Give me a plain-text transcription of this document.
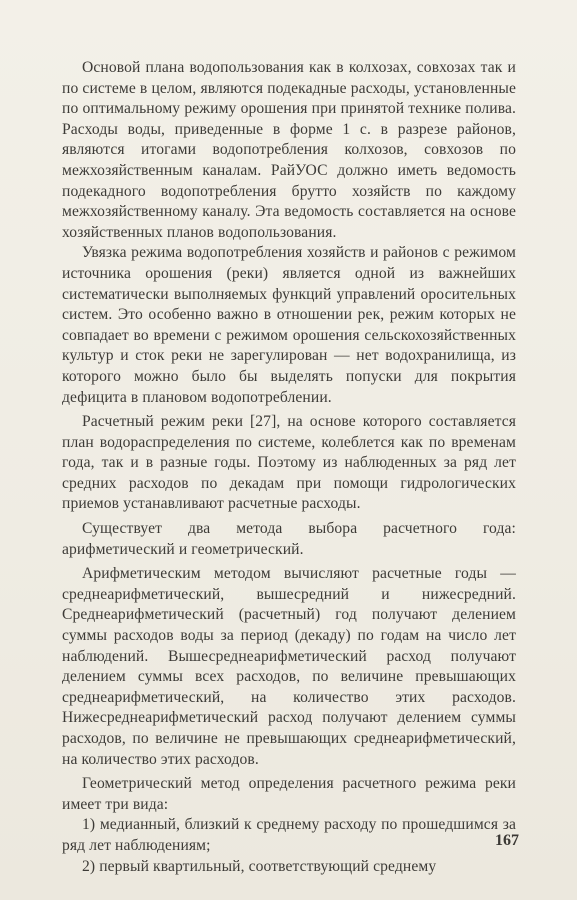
Основой плана водопользования как в колхозах, совхозах так и по системе в целом, являются подекадные расходы, установленные по оптимальному режиму орошения при принятой технике полива. Расходы воды, приведенные в форме 1 с. в разрезе районов, являются итогами водопотребления колхозов, совхозов по межхозяйственным каналам. РайУОС должно иметь ведомость подекадного водопотребления брутто хозяйств по каждому межхозяйственному каналу. Эта ведомость составляется на основе хозяйственных планов водопользования.

Увязка режима водопотребления хозяйств и районов с режимом источника орошения (реки) является одной из важнейших систематически выполняемых функций управлений оросительных систем. Это особенно важно в отношении рек, режим которых не совпадает во времени с режимом орошения сельскохозяйственных культур и сток реки не зарегулирован — нет водохранилища, из которого можно было бы выделять попуски для покрытия дефицита в плановом водопотреблении.

Расчетный режим реки [27], на основе которого составляется план водораспределения по системе, колеблется как по временам года, так и в разные годы. Поэтому из наблюденных за ряд лет средних расходов по декадам при помощи гидрологических приемов устанавливают расчетные расходы.

Существует два метода выбора расчетного года: арифметический и геометрический.

Арифметическим методом вычисляют расчетные годы — среднеарифметический, вышесредний и нижесредний. Среднеарифметический (расчетный) год получают делением суммы расходов воды за период (декаду) по годам на число лет наблюдений. Вышесреднеарифметический расход получают делением суммы всех расходов, по величине превышающих среднеарифметический, на количество этих расходов. Нижесреднеарифметический расход получают делением суммы расходов, по величине не превышающих среднеарифметический, на количество этих расходов.

Геометрический метод определения расчетного режима реки имеет три вида:

1) медианный, близкий к среднему расходу по прошедшимся за ряд лет наблюдениям;

2) первый квартильный, соответствующий среднему

167
